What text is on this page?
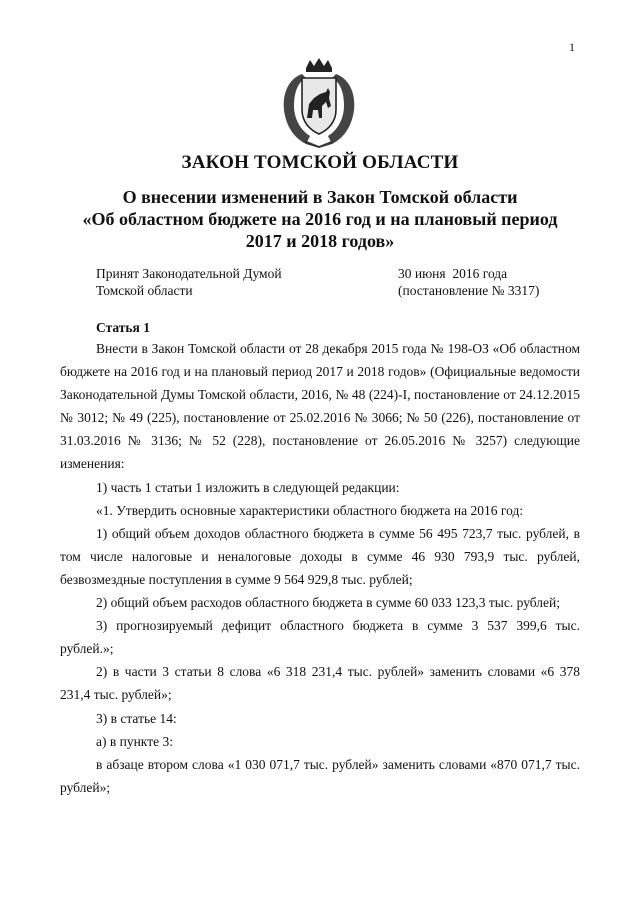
1
ЗАКОН ТОМСКОЙ ОБЛАСТИ
О внесении изменений в Закон Томской области
«Об областном бюджете на 2016 год и на плановый период
2017 и 2018 годов»
Принят Законодательной Думой
Томской области
30 июня  2016 года
(постановление № 3317)
Статья 1

Внести в Закон Томской области от 28 декабря 2015 года № 198-ОЗ «Об областном бюджете на 2016 год и на плановый период 2017 и 2018 годов» (Официальные ведомости Законодательной Думы Томской области, 2016, № 48 (224)-I, постановление от 24.12.2015 № 3012; № 49 (225), постановление от 25.02.2016 № 3066; № 50 (226), постановление от 31.03.2016 № 3136; № 52 (228), постановление от 26.05.2016 № 3257) следующие изменения:

1) часть 1 статьи 1 изложить в следующей редакции:

«1. Утвердить основные характеристики областного бюджета на 2016 год:

1) общий объем доходов областного бюджета в сумме 56 495 723,7 тыс. рублей, в том числе налоговые и неналоговые доходы в сумме 46 930 793,9 тыс. рублей, безвозмездные поступления в сумме 9 564 929,8 тыс. рублей;

2) общий объем расходов областного бюджета в сумме 60 033 123,3 тыс. рублей;

3) прогнозируемый дефицит областного бюджета в сумме 3 537 399,6 тыс. рублей.»;

2) в части 3 статьи 8 слова «6 318 231,4 тыс. рублей» заменить словами «6 378 231,4 тыс. рублей»;

3) в статье 14:

а) в пункте 3:

в абзаце втором слова «1 030 071,7 тыс. рублей» заменить словами «870 071,7 тыс. рублей»;
